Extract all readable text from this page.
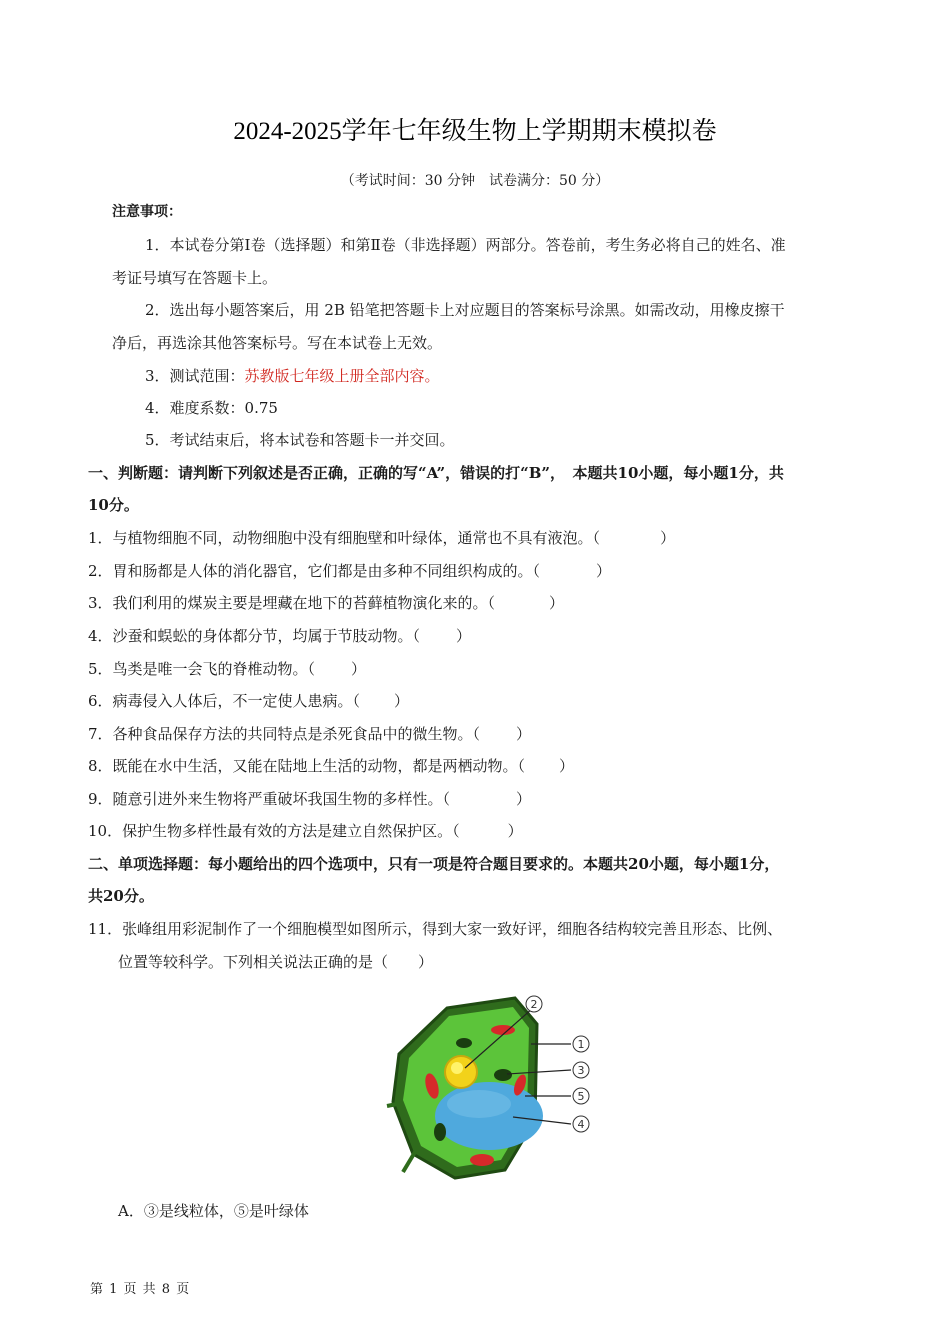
2024-2025学年七年级生物上学期期末模拟卷
（考试时间：30 分钟　试卷满分：50 分）
注意事项：
1．本试卷分第Ⅰ卷（选择题）和第Ⅱ卷（非选择题）两部分。答卷前，考生务必将自己的姓名、准
考证号填写在答题卡上。
2．选出每小题答案后，用 2B 铅笔把答题卡上对应题目的答案标号涂黑。如需改动，用橡皮擦干
净后，再选涂其他答案标号。写在本试卷上无效。
3．测试范围：苏教版七年级上册全部内容。
4．难度系数：0.75
5．考试结束后，将本试卷和答题卡一并交回。
一、判断题：请判断下列叙述是否正确，正确的写“A”，错误的打“B”，　本题共10小题，每小题1分，共
10分。
1．与植物细胞不同，动物细胞中没有细胞壁和叶绿体，通常也不具有液泡。（	）
2．胃和肠都是人体的消化器官，它们都是由多种不同组织构成的。（	）
3．我们利用的煤炭主要是埋藏在地下的苔藓植物演化来的。（	）
4．沙蚕和蜈蚣的身体都分节，均属于节肢动物。（ ）
5．鸟类是唯一会飞的脊椎动物。（ ）
6．病毒侵入人体后，不一定使人患病。（ ）
7．各种食品保存方法的共同特点是杀死食品中的微生物。（ ）
8．既能在水中生活，又能在陆地上生活的动物，都是两栖动物。（ ）
9．随意引进外来生物将严重破坏我国生物的多样性。（	）
10．保护生物多样性最有效的方法是建立自然保护区。（	）
二、单项选择题：每小题给出的四个选项中，只有一项是符合题目要求的。本题共20小题，每小题1分，
共20分。
11．张峰组用彩泥制作了一个细胞模型如图所示，得到大家一致好评，细胞各结构较完善且形态、比例、
位置等较科学。下列相关说法正确的是（　　）
2
1
3
5
4
A．③是线粒体，⑤是叶绿体
第 1 页 共 8 页
